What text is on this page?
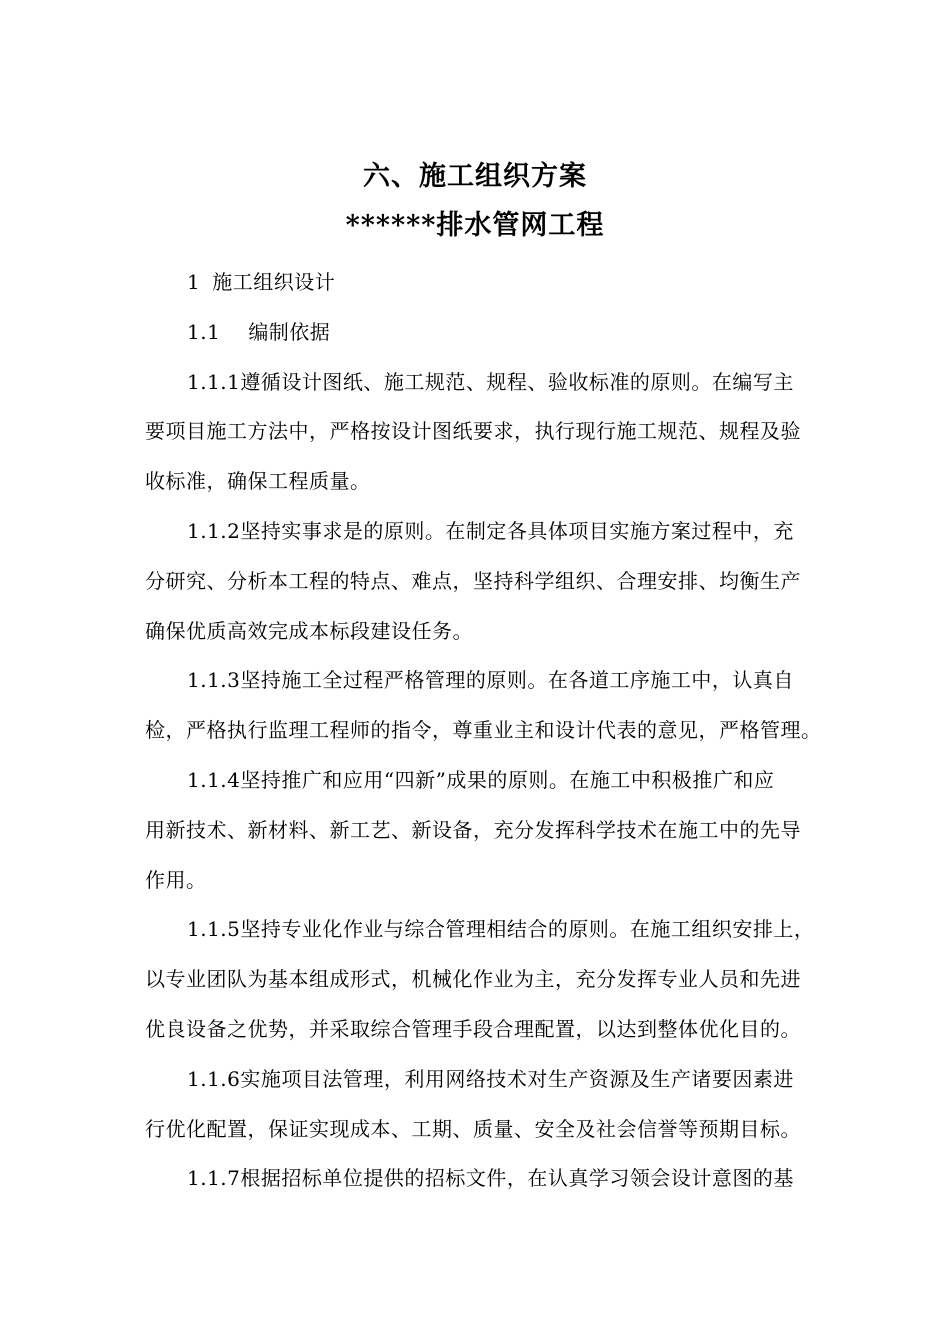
六、施工组织方案
******排水管网工程
1 施工组织设计
1.1 编制依据
1.1.1遵循设计图纸、施工规范、规程、验收标准的原则。在编写主
要项目施工方法中，严格按设计图纸要求，执行现行施工规范、规程及验
收标准，确保工程质量。
1.1.2坚持实事求是的原则。在制定各具体项目实施方案过程中，充
分研究、分析本工程的特点、难点，坚持科学组织、合理安排、均衡生产
确保优质高效完成本标段建设任务。
1.1.3坚持施工全过程严格管理的原则。在各道工序施工中，认真自
检，严格执行监理工程师的指令，尊重业主和设计代表的意见，严格管理。
1.1.4坚持推广和应用“四新”成果的原则。在施工中积极推广和应
用新技术、新材料、新工艺、新设备，充分发挥科学技术在施工中的先导
作用。
1.1.5坚持专业化作业与综合管理相结合的原则。在施工组织安排上，
以专业团队为基本组成形式，机械化作业为主，充分发挥专业人员和先进
优良设备之优势，并采取综合管理手段合理配置，以达到整体优化目的。
1.1.6实施项目法管理，利用网络技术对生产资源及生产诸要因素进
行优化配置，保证实现成本、工期、质量、安全及社会信誉等预期目标。
1.1.7根据招标单位提供的招标文件，在认真学习领会设计意图的基
